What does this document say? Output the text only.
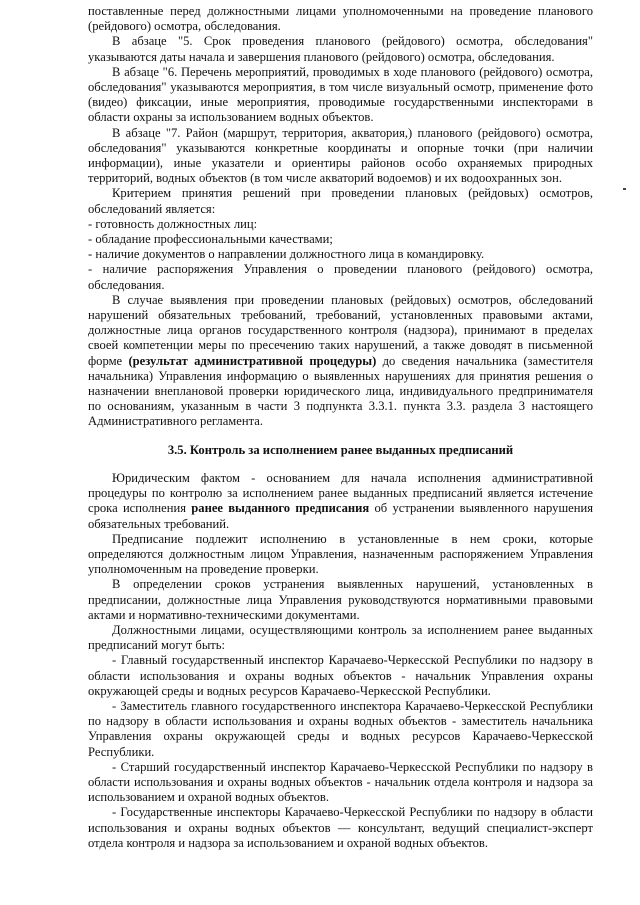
поставленные перед должностными лицами уполномоченными на проведение планового (рейдового) осмотра, обследования.

В абзаце "5. Срок проведения планового (рейдового) осмотра, обследования" указываются даты начала и завершения планового (рейдового) осмотра, обследования.

В абзаце "6. Перечень мероприятий, проводимых в ходе планового (рейдового) осмотра, обследования" указываются мероприятия, в том числе визуальный осмотр, применение фото (видео) фиксации, иные мероприятия, проводимые государственными инспекторами в области охраны за использованием водных объектов.

В абзаце "7. Район (маршрут, территория, акватория,) планового (рейдового) осмотра, обследования" указываются конкретные координаты и опорные точки (при наличии информации), иные указатели и ориентиры районов особо охраняемых природных территорий, водных объектов (в том числе акваторий водоемов) и их водоохранных зон.

Критерием принятия решений при проведении плановых (рейдовых) осмотров, обследований является:

- готовность должностных лиц:

- обладание профессиональными качествами;

- наличие документов о направлении должностного лица в командировку.

- наличие распоряжения Управления о проведении планового (рейдового) осмотра, обследования.

В случае выявления при проведении плановых (рейдовых) осмотров, обследований нарушений обязательных требований, требований, установленных правовыми актами, должностные лица органов государственного контроля (надзора), принимают в пределах своей компетенции меры по пресечению таких нарушений, а также доводят в письменной форме (результат административной процедуры) до сведения начальника (заместителя начальника) Управления информацию о выявленных нарушениях для принятия решения о назначении внеплановой проверки юридического лица, индивидуального предпринимателя по основаниям, указанным в части 3 подпункта 3.3.1. пункта 3.3. раздела 3 настоящего Административного регламента.

3.5. Контроль за исполнением ранее выданных предписаний

Юридическим фактом - основанием для начала исполнения административной процедуры по контролю за исполнением ранее выданных предписаний является истечение срока исполнения ранее выданного предписания об устранении выявленного нарушения обязательных требований.

Предписание подлежит исполнению в установленные в нем сроки, которые определяются должностным лицом Управления, назначенным распоряжением Управления уполномоченным на проведение проверки.

В определении сроков устранения выявленных нарушений, установленных в предписании, должностные лица Управления руководствуются нормативными правовыми актами и нормативно-техническими документами.

Должностными лицами, осуществляющими контроль за исполнением ранее выданных предписаний могут быть:

- Главный государственный инспектор Карачаево-Черкесской Республики по надзору в области использования и охраны водных объектов - начальник Управления охраны окружающей среды и водных ресурсов Карачаево-Черкесской Республики.

- Заместитель главного государственного инспектора Карачаево-Черкесской Республики по надзору в области использования и охраны водных объектов - заместитель начальника Управления охраны окружающей среды и водных ресурсов Карачаево-Черкесской Республики.

- Старший государственный инспектор Карачаево-Черкесской Республики по надзору в области использования и охраны водных объектов - начальник отдела контроля и надзора за использованием и охраной водных объектов.

- Государственные инспекторы Карачаево-Черкесской Республики по надзору в области использования и охраны водных объектов — консультант, ведущий специалист-эксперт отдела контроля и надзора за использованием и охраной водных объектов.
